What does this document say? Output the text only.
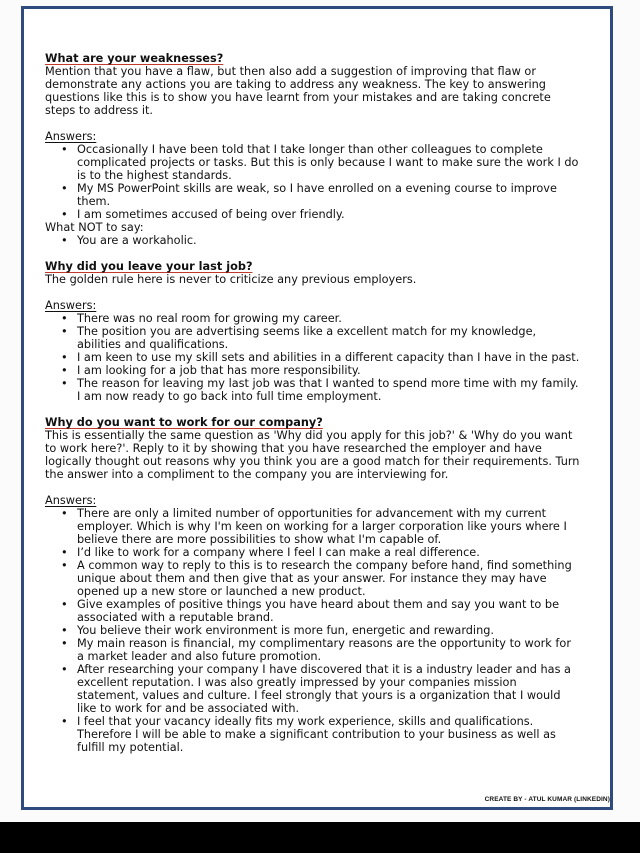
What are your weaknesses?

Mention that you have a flaw, but then also add a suggestion of improving that flaw or demonstrate any actions you are taking to address any weakness. The key to answering questions like this is to show you have learnt from your mistakes and are taking concrete steps to address it.

Answers:
• Occasionally I have been told that I take longer than other colleagues to complete complicated projects or tasks. But this is only because I want to make sure the work I do is to the highest standards.
• My MS PowerPoint skills are weak, so I have enrolled on a evening course to improve them.
• I am sometimes accused of being over friendly.
What NOT to say:
• You are a workaholic.
Why did you leave your last job?

The golden rule here is never to criticize any previous employers.

Answers:
• There was no real room for growing my career.
• The position you are advertising seems like a excellent match for my knowledge, abilities and qualifications.
• I am keen to use my skill sets and abilities in a different capacity than I have in the past.
• I am looking for a job that has more responsibility.
• The reason for leaving my last job was that I wanted to spend more time with my family. I am now ready to go back into full time employment.
Why do you want to work for our company?

This is essentially the same question as 'Why did you apply for this job?' & 'Why do you want to work here?'. Reply to it by showing that you have researched the employer and have logically thought out reasons why you think you are a good match for their requirements. Turn the answer into a compliment to the company you are interviewing for.

Answers:
• There are only a limited number of opportunities for advancement with my current employer. Which is why I'm keen on working for a larger corporation like yours where I believe there are more possibilities to show what I'm capable of.
• I’d like to work for a company where I feel I can make a real difference.
• A common way to reply to this is to research the company before hand, find something unique about them and then give that as your answer. For instance they may have opened up a new store or launched a new product.
• Give examples of positive things you have heard about them and say you want to be associated with a reputable brand.
• You believe their work environment is more fun, energetic and rewarding.
• My main reason is financial, my complimentary reasons are the opportunity to work for a market leader and also future promotion.
• After researching your company I have discovered that it is a industry leader and has a excellent reputation. I was also greatly impressed by your companies mission statement, values and culture. I feel strongly that yours is a organization that I would like to work for and be associated with.
• I feel that your vacancy ideally fits my work experience, skills and qualifications. Therefore I will be able to make a significant contribution to your business as well as fulfill my potential.
CREATE BY - ATUL KUMAR (LINKEDIN)
